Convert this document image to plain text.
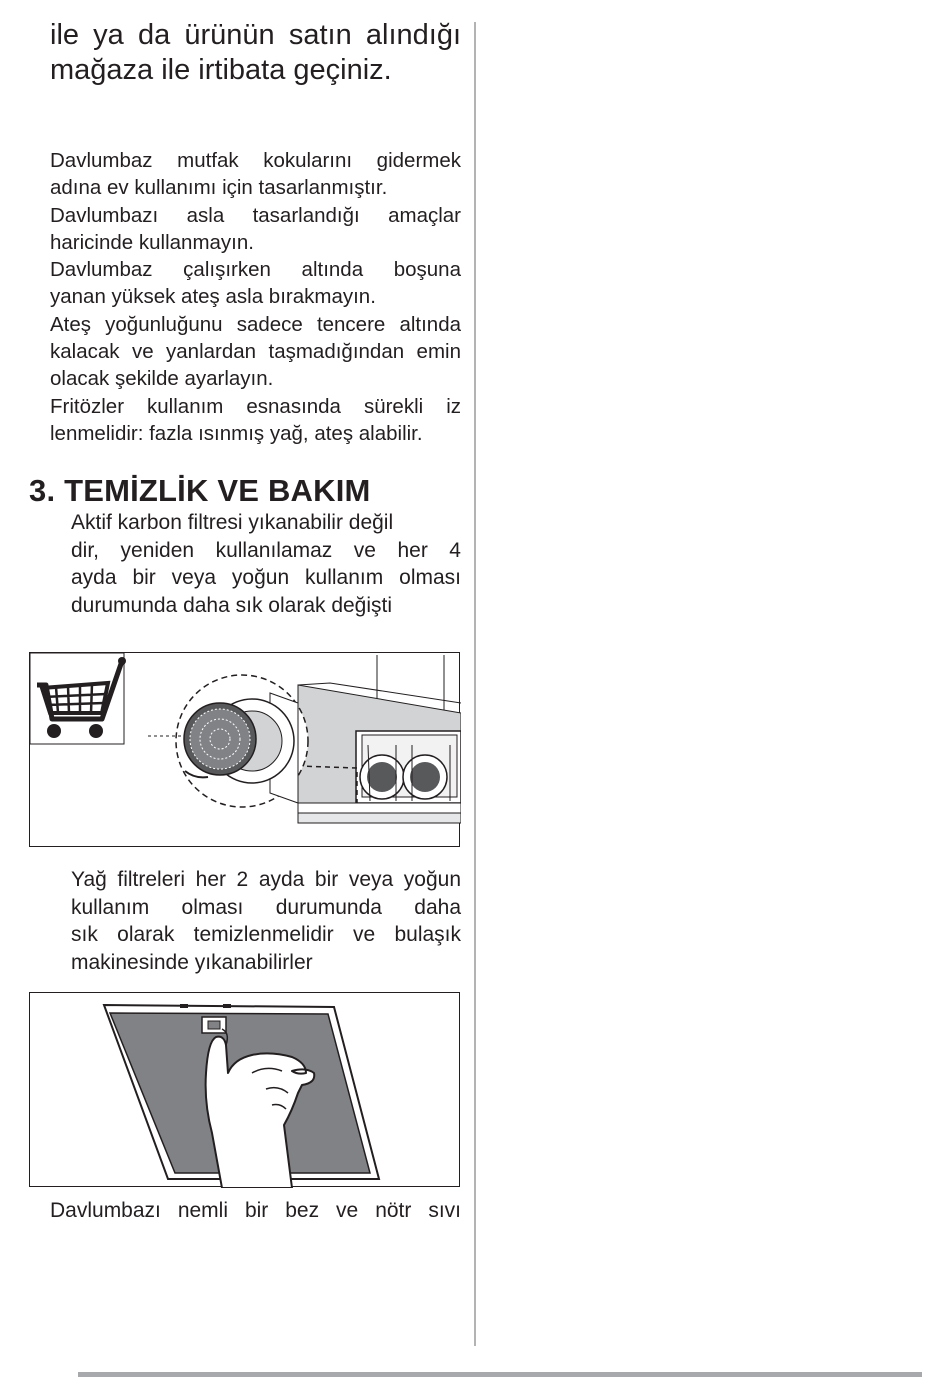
ile ya da ürünün satın alındığı
mağaza ile irtibata geçiniz.
Davlumbaz mutfak kokularını gidermek
adına ev kullanımı için tasarlanmıştır.
Davlumbazı asla tasarlandığı amaçlar
haricinde kullanmayın.
Davlumbaz çalışırken altında boşuna
yanan yüksek ateş asla bırakmayın.
Ateş yoğunluğunu sadece tencere altında
kalacak ve yanlardan taşmadığından emin
olacak şekilde ayarlayın.
Fritözler kullanım esnasında sürekli iz
lenmelidir: fazla ısınmış yağ, ateş alabilir.
3. TEMİZLİK VE BAKIM
Aktif karbon filtresi yıkanabilir değil
dir, yeniden kullanılamaz ve her 4
ayda bir veya yoğun kullanım olması
durumunda daha sık olarak değişti
Yağ filtreleri her 2 ayda bir veya yoğun
kullanım olması durumunda daha
sık olarak temizlenmelidir ve bulaşık
makinesinde yıkanabilirler
Davlumbazı nemli bir bez ve nötr sıvı
